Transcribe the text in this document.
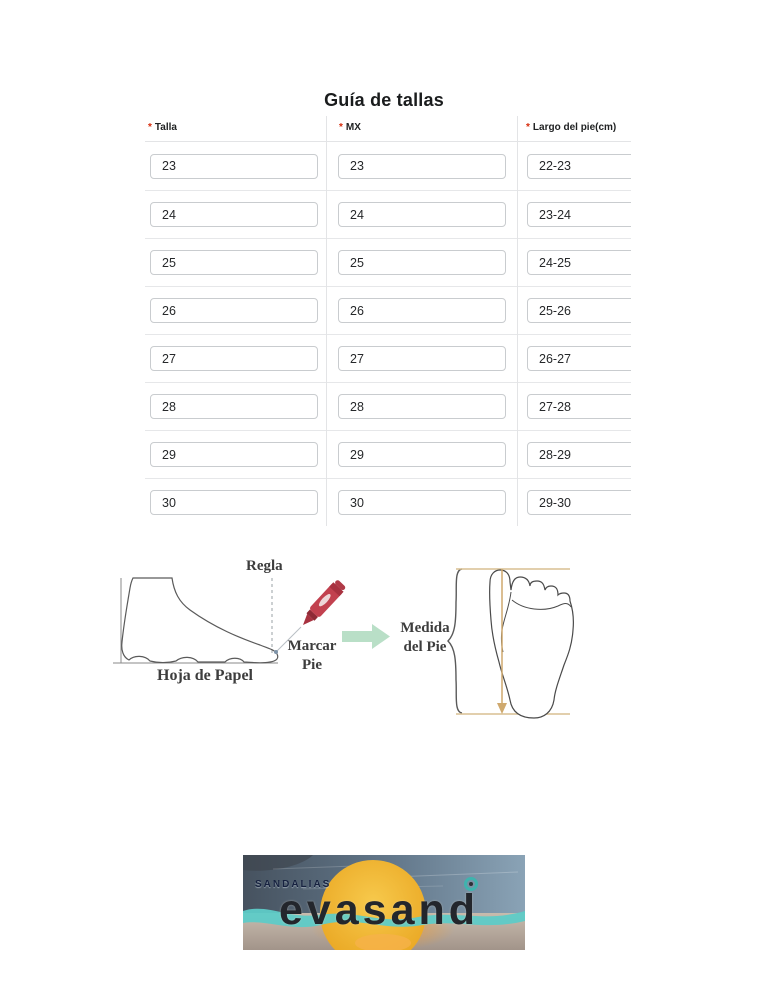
Guía de tallas
* Talla	* MX	* Largo del pie(cm)
23
23
22-23
24
24
23-24
25
25
24-25
26
26
25-26
27
27
26-27
28
28
27-28
29
29
28-29
30
30
29-30
Regla
Hoja de Papel
Marcar
Pie
Medida
del Pie
SANDALIAS
evasand
